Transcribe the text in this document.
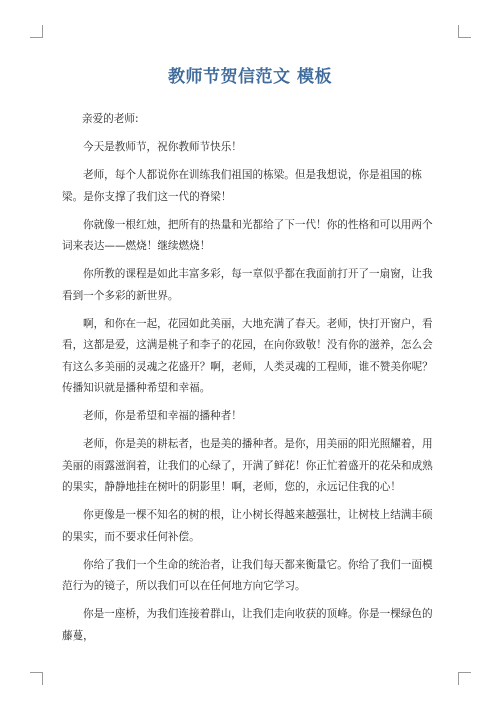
教师节贺信范文 模板

亲爱的老师:

今天是教师节，祝你教师节快乐！

老师，每个人都说你在训练我们祖国的栋梁。但是我想说，你是祖国的栋梁。是你支撑了我们这一代的脊梁！

你就像一根红烛，把所有的热量和光都给了下一代！你的性格和可以用两个词来表达——燃烧！继续燃烧！

你所教的课程是如此丰富多彩，每一章似乎都在我面前打开了一扇窗，让我看到一个多彩的新世界。

啊，和你在一起，花园如此美丽，大地充满了春天。老师，快打开窗户，看看，这都是爱，这满是桃子和李子的花园，在向你致敬！没有你的滋养，怎么会有这么多美丽的灵魂之花盛开？啊，老师，人类灵魂的工程师，谁不赞美你呢？传播知识就是播种希望和幸福。

老师，你是希望和幸福的播种者！

老师，你是美的耕耘者，也是美的播种者。是你，用美丽的阳光照耀着，用美丽的雨露滋润着，让我们的心绿了，开满了鲜花！你正忙着盛开的花朵和成熟的果实，静静地挂在树叶的阴影里！啊，老师，您的，永远记住我的心！

你更像是一棵不知名的树的根，让小树长得越来越强壮，让树枝上结满丰硕的果实，而不要求任何补偿。

你给了我们一个生命的统治者，让我们每天都来衡量它。你给了我们一面模范行为的镜子，所以我们可以在任何地方向它学习。

你是一座桥，为我们连接着群山，让我们走向收获的顶峰。你是一棵绿色的藤蔓，
